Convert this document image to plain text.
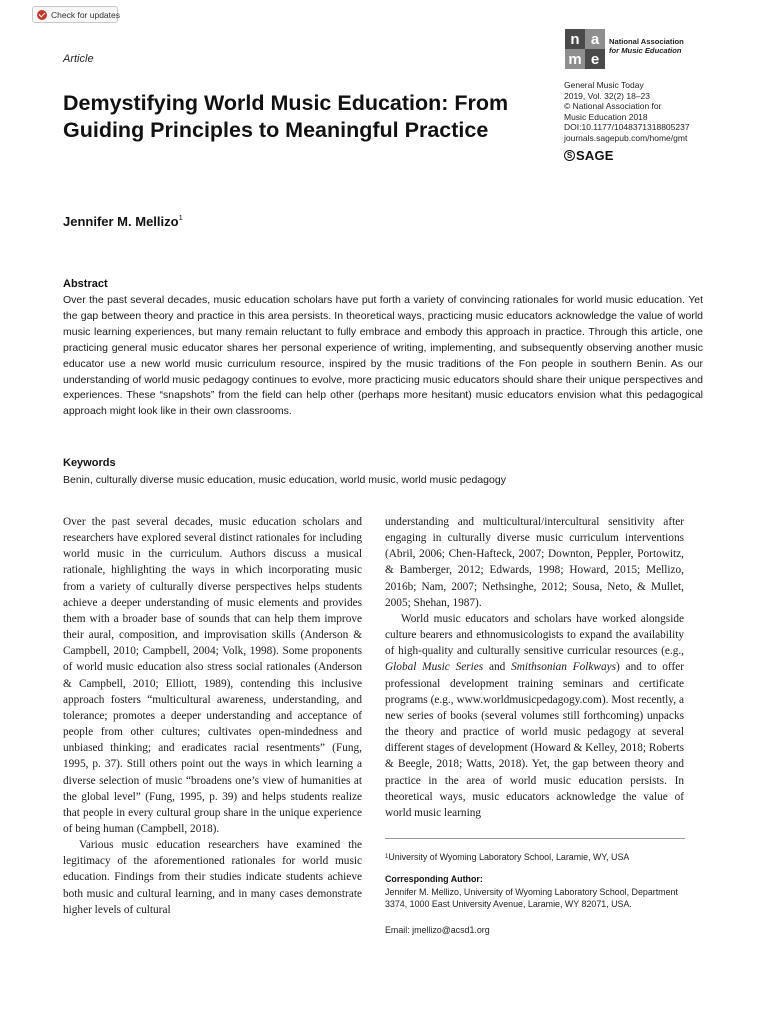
Check for updates
Article
n a
m e
National Association
for Music Education
General Music Today
2019, Vol. 32(2) 18–23
© National Association for
Music Education 2018
DOI:10.1177/1048371318805237
journals.sagepub.com/home/gmt
S SAGE
Demystifying World Music Education: From Guiding Principles to Meaningful Practice
Jennifer M. Mellizo$^1$
Abstract

Over the past several decades, music education scholars have put forth a variety of convincing rationales for world music education. Yet the gap between theory and practice in this area persists. In theoretical ways, practicing music educators acknowledge the value of world music learning experiences, but many remain reluctant to fully embrace and embody this approach in practice. Through this article, one practicing general music educator shares her personal experience of writing, implementing, and subsequently observing another music educator use a new world music curriculum resource, inspired by the music traditions of the Fon people in southern Benin. As our understanding of world music pedagogy continues to evolve, more practicing music educators should share their unique perspectives and experiences. These “snapshots” from the field can help other (perhaps more hesitant) music educators envision what this pedagogical approach might look like in their own classrooms.

Keywords
Benin, culturally diverse music education, music education, world music, world music pedagogy

Over the past several decades, music education scholars and researchers have explored several distinct rationales for including world music in the curriculum. Authors discuss a musical rationale, highlighting the ways in which incorporating music from a variety of culturally diverse perspectives helps students achieve a deeper understanding of music elements and provides them with a broader base of sounds that can help them improve their aural, composition, and improvisation skills (Anderson & Campbell, 2010; Campbell, 2004; Volk, 1998). Some proponents of world music education also stress social rationales (Anderson & Campbell, 2010; Elliott, 1989), contending this inclusive approach fosters “multicultural awareness, understanding, and tolerance; promotes a deeper understanding and acceptance of people from other cultures; cultivates open-mindedness and unbiased thinking; and eradicates racial resentments” (Fung, 1995, p. 37). Still others point out the ways in which learning a diverse selection of music “broadens one’s view of humanities at the global level” (Fung, 1995, p. 39) and helps students realize that people in every cultural group share in the unique experience of being human (Campbell, 2018).

Various music education researchers have examined the legitimacy of the aforementioned rationales for world music education. Findings from their studies indicate students achieve both music and cultural learning, and in many cases demonstrate higher levels of cultural

understanding and multicultural/intercultural sensitivity after engaging in culturally diverse music curriculum interventions (Abril, 2006; Chen-Hafteck, 2007; Downton, Peppler, Portowitz, & Bamberger, 2012; Edwards, 1998; Howard, 2015; Mellizo, 2016b; Nam, 2007; Nethsinghe, 2012; Sousa, Neto, & Mullet, 2005; Shehan, 1987).

World music educators and scholars have worked alongside culture bearers and ethnomusicologists to expand the availability of high-quality and culturally sensitive curricular resources (e.g., Global Music Series and Smithsonian Folkways) and to offer professional development training seminars and certificate programs (e.g., www.worldmusicpedagogy.com). Most recently, a new series of books (several volumes still forthcoming) unpacks the theory and practice of world music pedagogy at several different stages of development (Howard & Kelley, 2018; Roberts & Beegle, 2018; Watts, 2018). Yet, the gap between theory and practice in the area of world music education persists. In theoretical ways, music educators acknowledge the value of world music learning

$^1$University of Wyoming Laboratory School, Laramie, WY, USA
Corresponding Author:
Jennifer M. Mellizo, University of Wyoming Laboratory School, Department 3374, 1000 East University Avenue, Laramie, WY 82071, USA.
Email: jmellizo@acsd1.org
